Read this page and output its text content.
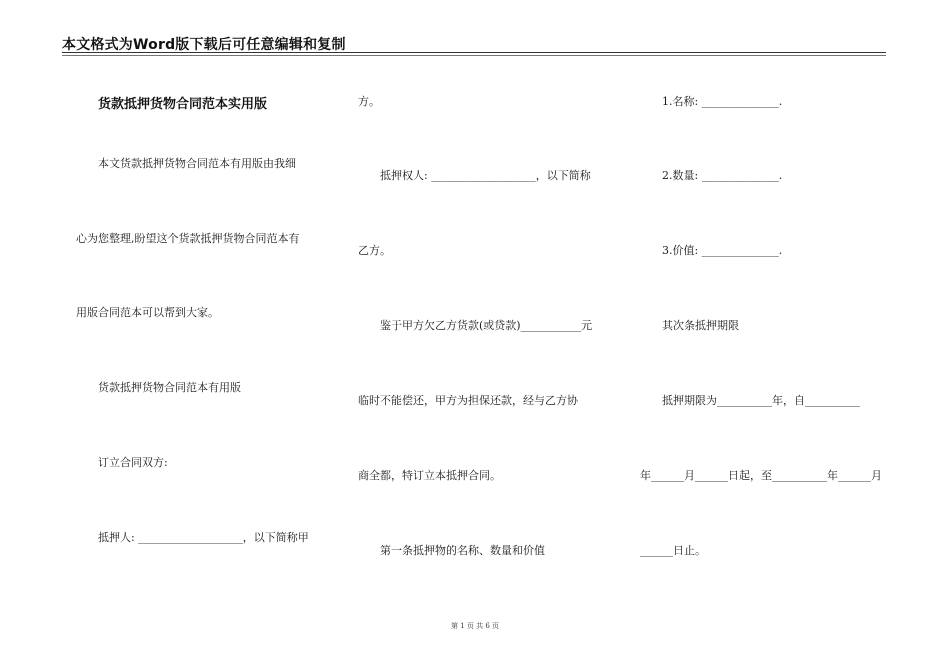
本文格式为Word版下载后可任意编辑和复制
货款抵押货物合同范本实用版
本文货款抵押货物合同范本有用版由我细
心为您整理,盼望这个货款抵押货物合同范本有
用版合同范本可以帮到大家。
货款抵押货物合同范本有用版
订立合同双方:
抵押人: ___________________，以下简称甲
方。
抵押权人: ___________________，以下简称
乙方。
鉴于甲方欠乙方货款(或贷款)___________元
临时不能偿还，甲方为担保还款，经与乙方协
商全都，特订立本抵押合同。
第一条抵押物的名称、数量和价值
1.名称: ______________.
2.数量: ______________.
3.价值: ______________.
其次条抵押期限
抵押期限为__________年，自__________
年______月______日起，至__________年______月
______日止。
第 1 页 共 6 页
